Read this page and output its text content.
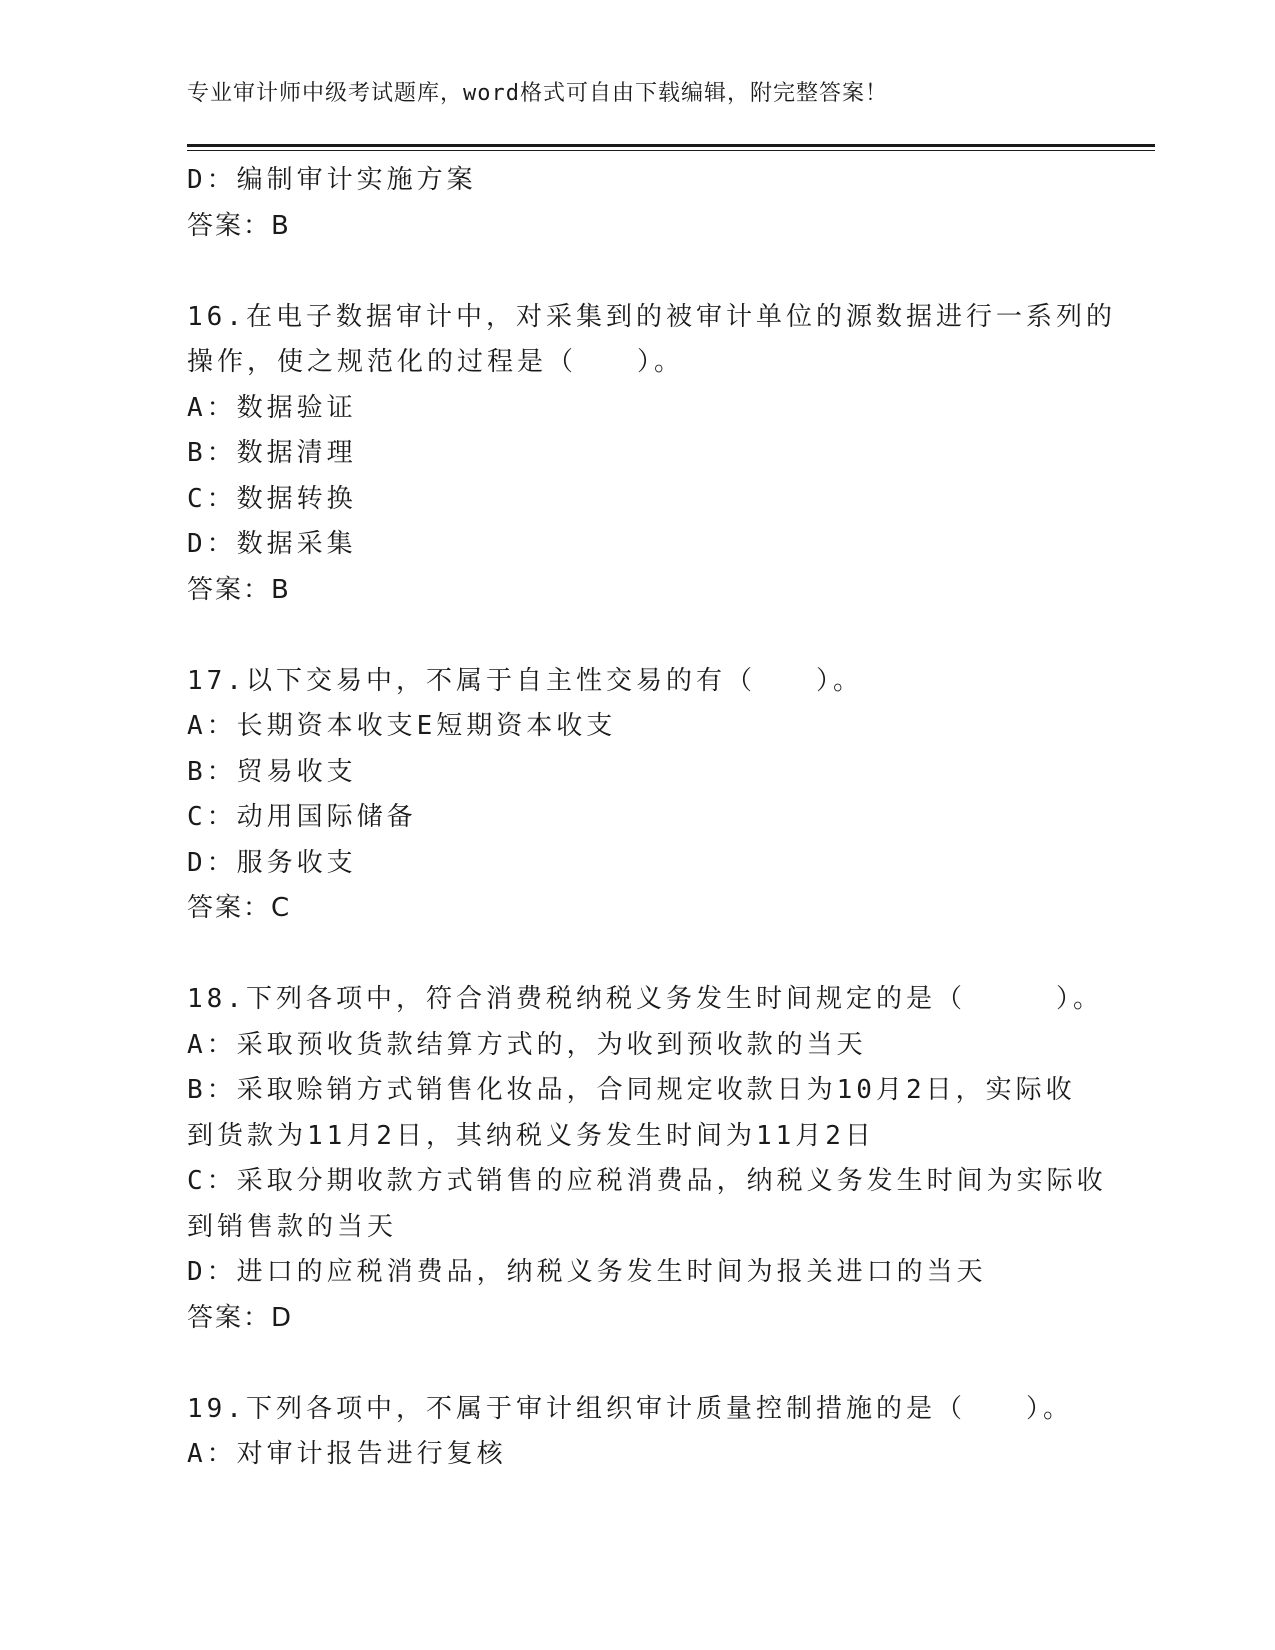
专业审计师中级考试题库，word格式可自由下载编辑，附完整答案！
D：编制审计实施方案
答案：B
16.在电子数据审计中，对采集到的被审计单位的源数据进行一系列的
操作，使之规范化的过程是（　　）。
A：数据验证
B：数据清理
C：数据转换
D：数据采集
答案：B
17.以下交易中，不属于自主性交易的有（　　）。
A：长期资本收支E短期资本收支
B：贸易收支
C：动用国际储备
D：服务收支
答案：C
18.下列各项中，符合消费税纳税义务发生时间规定的是（　　　）。
A：采取预收货款结算方式的，为收到预收款的当天
B：采取赊销方式销售化妆品，合同规定收款日为10月2日，实际收
到货款为11月2日，其纳税义务发生时间为11月2日
C：采取分期收款方式销售的应税消费品，纳税义务发生时间为实际收
到销售款的当天
D：进口的应税消费品，纳税义务发生时间为报关进口的当天
答案：D
19.下列各项中，不属于审计组织审计质量控制措施的是（　　）。
A：对审计报告进行复核
